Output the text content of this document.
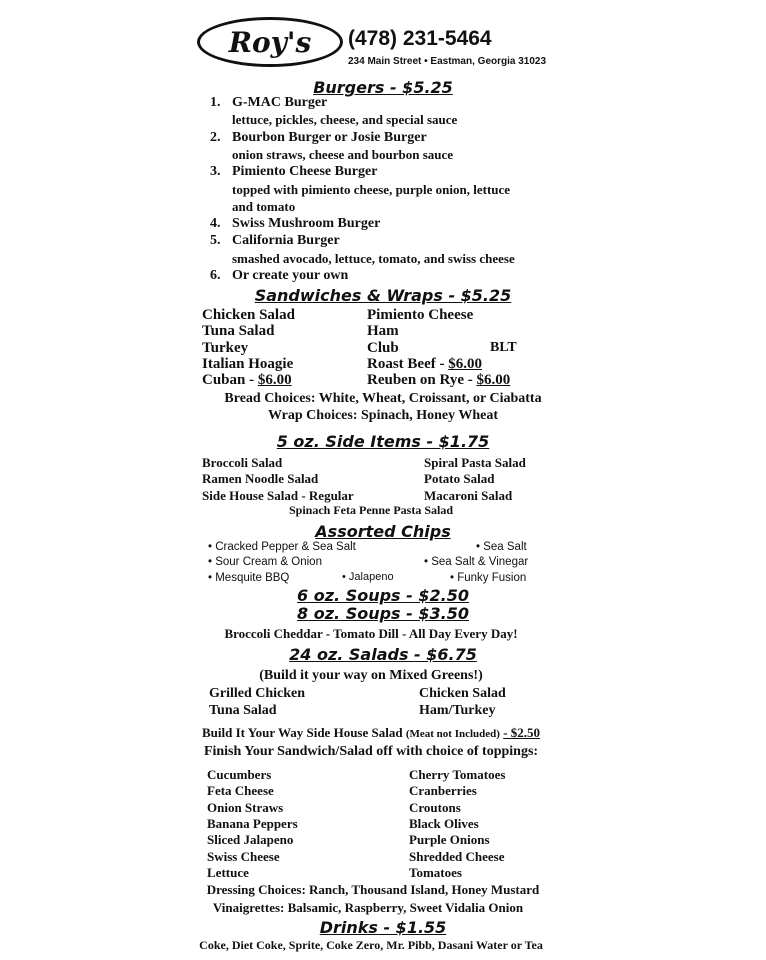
Roy's	(478) 231-5464
234 Main Street • Eastman, Georgia 31023
Burgers - $5.25
1. G-MAC Burger
lettuce, pickles, cheese, and special sauce
2. Bourbon Burger or Josie Burger
onion straws, cheese and bourbon sauce
3. Pimiento Cheese Burger
topped with pimiento cheese, purple onion, lettuce
and tomato
4. Swiss Mushroom Burger
5. California Burger
smashed avocado, lettuce, tomato, and swiss cheese
6. Or create your own
Sandwiches & Wraps - $5.25
Chicken Salad
Tuna Salad
Turkey
Italian Hoagie
Cuban - $6.00
Pimiento Cheese
Ham
Club
Roast Beef - $6.00
Reuben on Rye - $6.00
BLT
Bread Choices: White, Wheat, Croissant, or Ciabatta
Wrap Choices: Spinach, Honey Wheat
5 oz. Side Items - $1.75
Broccoli Salad
Ramen Noodle Salad
Side House Salad - Regular
Spiral Pasta Salad
Potato Salad
Macaroni Salad
Spinach Feta Penne Pasta Salad
Assorted Chips
• Cracked Pepper & Sea Salt
• Sour Cream & Onion
• Mesquite BBQ
• Sea Salt
• Sea Salt & Vinegar
• Funky Fusion
• Jalapeno
6 oz. Soups - $2.50
8 oz. Soups - $3.50
Broccoli Cheddar - Tomato Dill - All Day Every Day!
24 oz. Salads - $6.75
(Build it your way on Mixed Greens!)
Grilled Chicken
Tuna Salad
Chicken Salad
Ham/Turkey
Build It Your Way Side House Salad (Meat not Included) - $2.50
Finish Your Sandwich/Salad off with choice of toppings:
Cucumbers
Feta Cheese
Onion Straws
Banana Peppers
Sliced Jalapeno
Swiss Cheese
Lettuce
Cherry Tomatoes
Cranberries
Croutons
Black Olives
Purple Onions
Shredded Cheese
Tomatoes
Dressing Choices: Ranch, Thousand Island, Honey Mustard
Vinaigrettes: Balsamic, Raspberry, Sweet Vidalia Onion
Drinks - $1.55
Coke, Diet Coke, Sprite, Coke Zero, Mr. Pibb, Dasani Water or Tea
